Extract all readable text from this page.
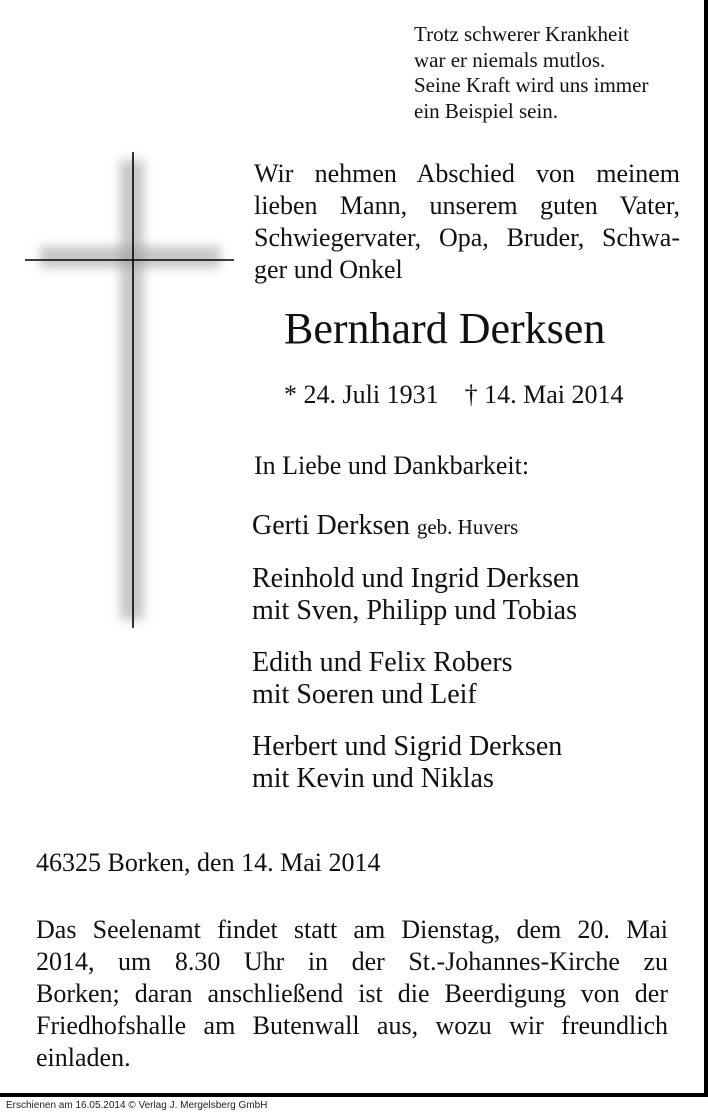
Trotz schwerer Krankheit
war er niemals mutlos.
Seine Kraft wird uns immer
ein Beispiel sein.
Wir nehmen Abschied von meinem
lieben Mann, unserem guten Vater,
Schwiegervater, Opa, Bruder, Schwa-
ger und Onkel
Bernhard Derksen
* 24. Juli 1931 † 14. Mai 2014
In Liebe und Dankbarkeit:
Gerti Derksen geb. Huvers
Reinhold und Ingrid Derksen
mit Sven, Philipp und Tobias
Edith und Felix Robers
mit Soeren und Leif
Herbert und Sigrid Derksen
mit Kevin und Niklas
46325 Borken, den 14. Mai 2014
Das Seelenamt findet statt am Dienstag, dem 20. Mai
2014, um 8.30 Uhr in der St.-Johannes-Kirche zu
Borken; daran anschließend ist die Beerdigung von der
Friedhofshalle am Butenwall aus, wozu wir freundlich
einladen.
Erschienen am 16.05.2014 © Verlag J. Mergelsberg GmbH
